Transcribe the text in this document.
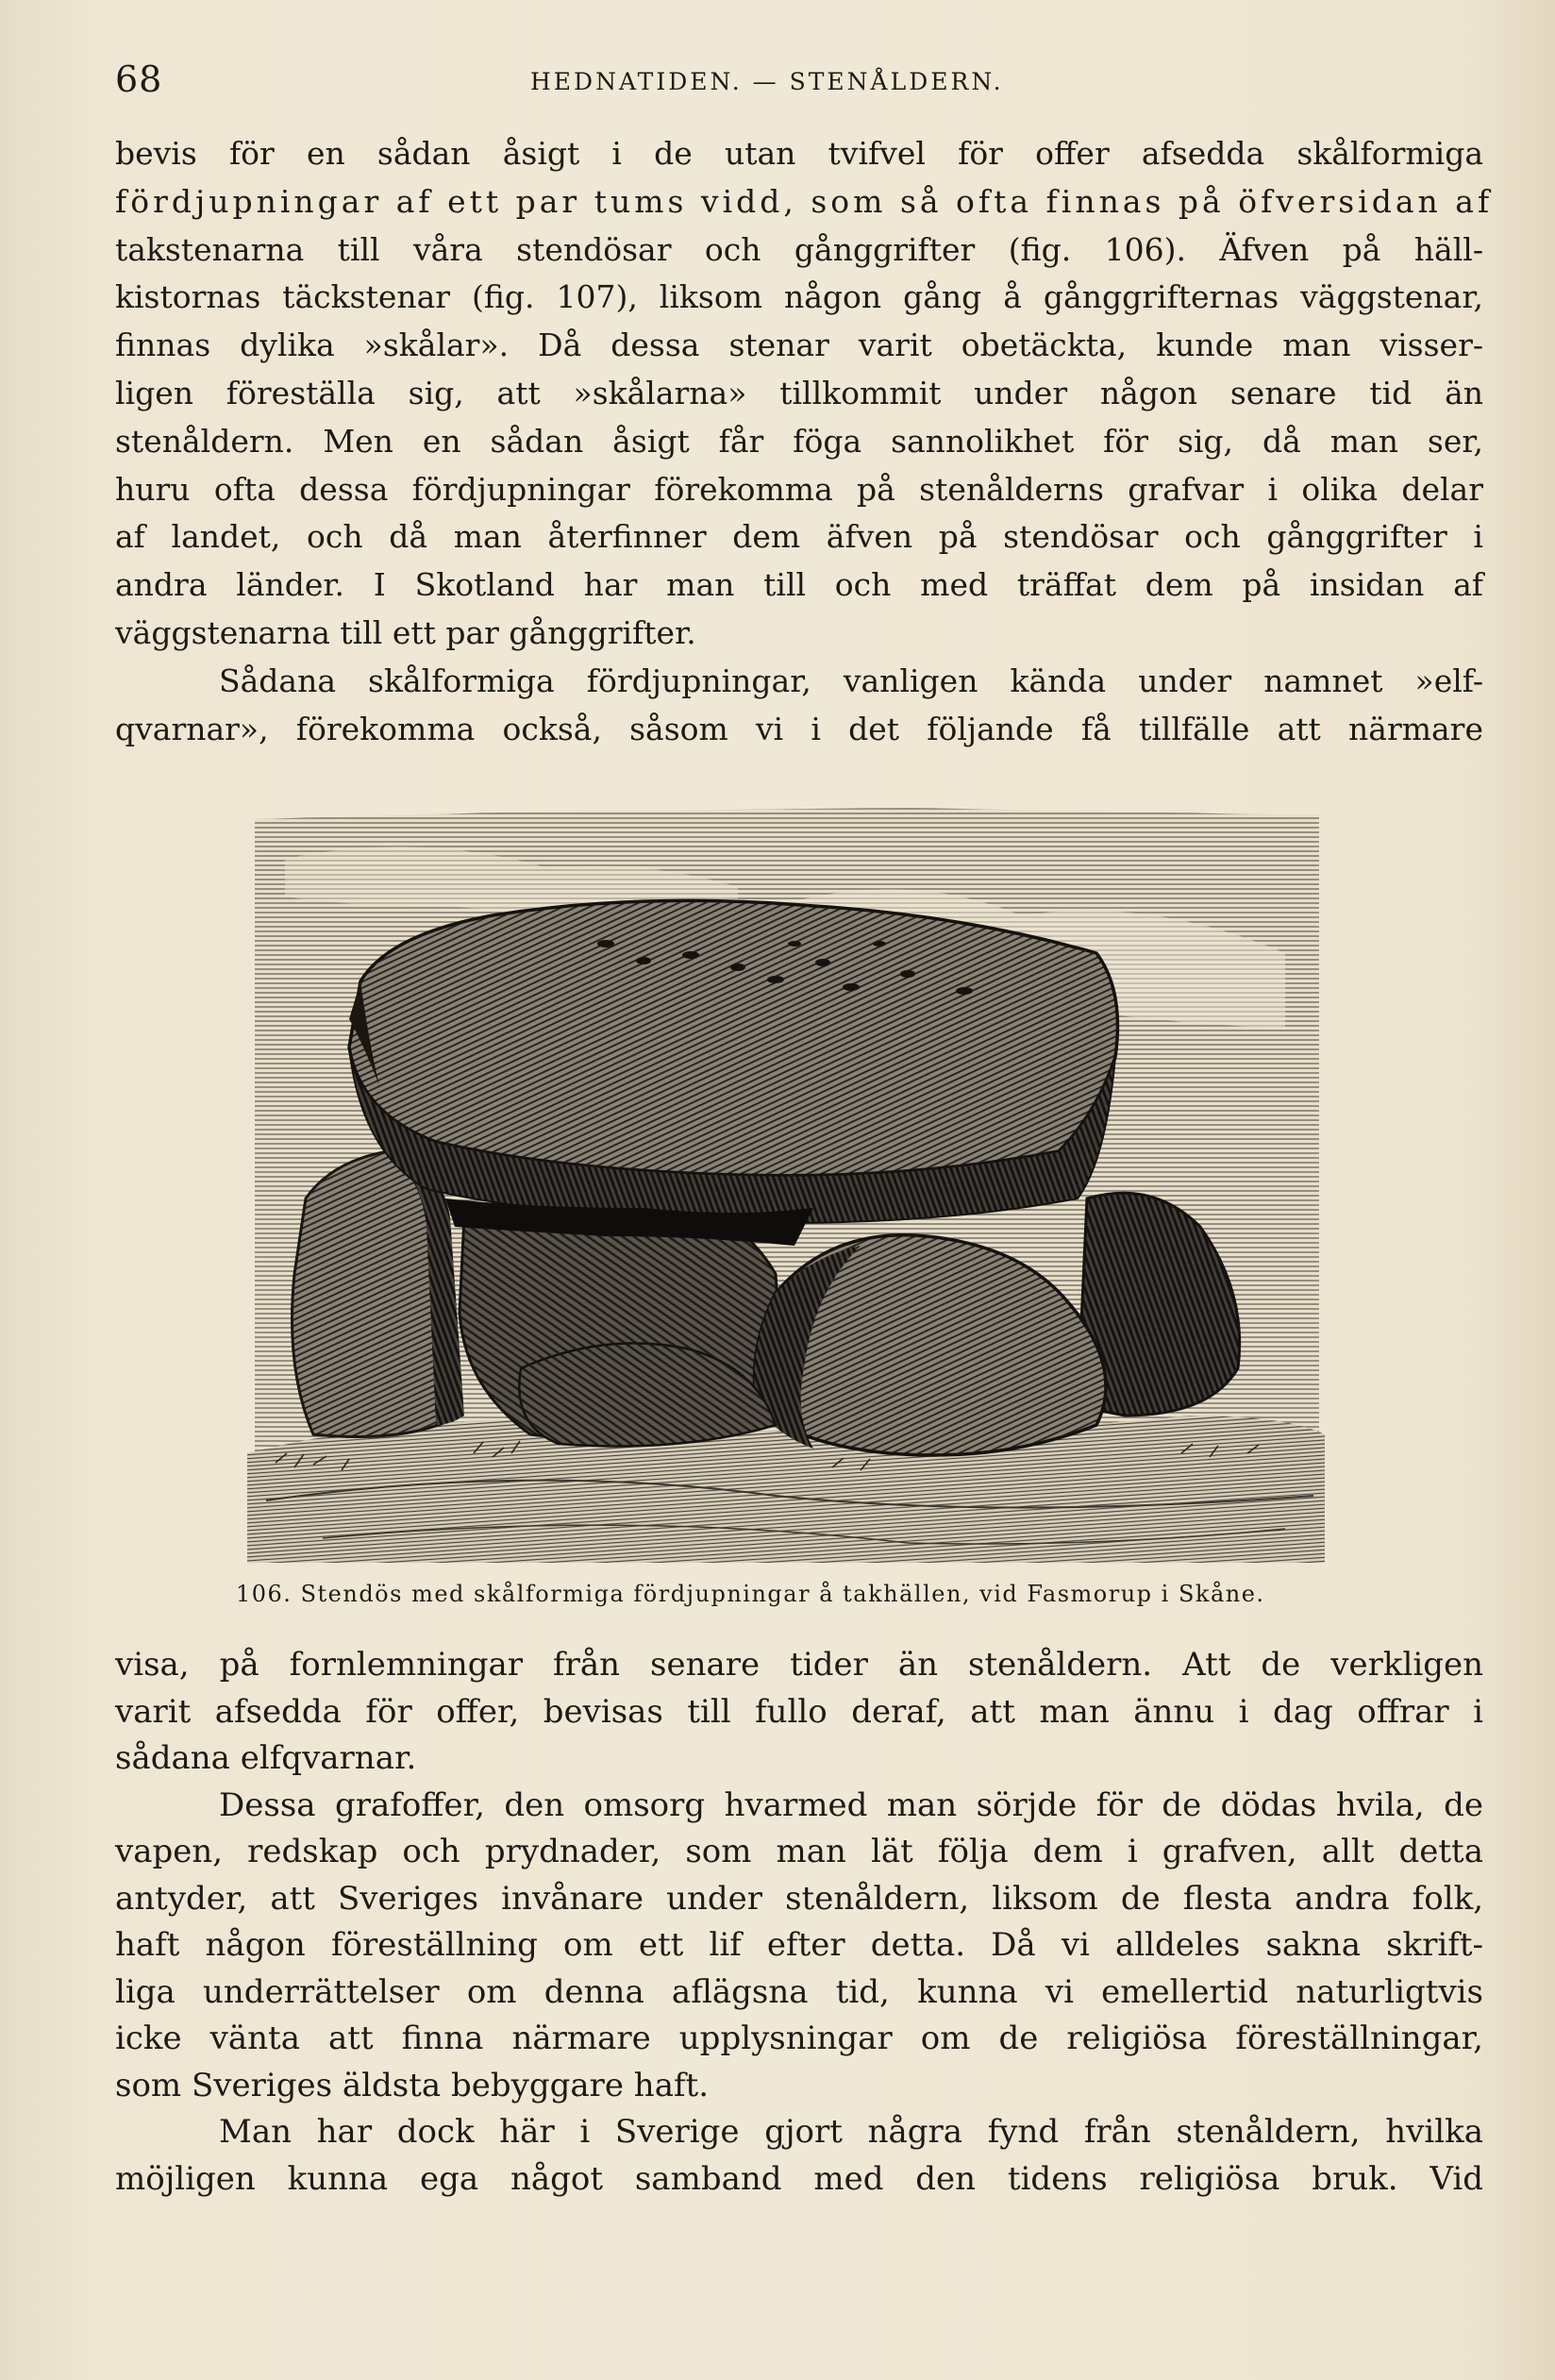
68	HEDNATIDEN. — STENÅLDERN.
bevis för en sådan åsigt i de utan tvifvel för offer afsedda skålformiga
fördjupningar af ett par tums vidd, som så ofta finnas på öfversidan af
takstenarna till våra stendösar och gånggrifter (fig. 106). Äfven på häll-
kistornas täckstenar (fig. 107), liksom någon gång å gånggrifternas väggstenar,
finnas dylika »skålar». Då dessa stenar varit obetäckta, kunde man visser-
ligen föreställa sig, att »skålarna» tillkommit under någon senare tid än
stenåldern. Men en sådan åsigt får föga sannolikhet för sig, då man ser,
huru ofta dessa fördjupningar förekomma på stenålderns grafvar i olika delar
af landet, och då man återfinner dem äfven på stendösar och gånggrifter i
andra länder. I Skotland har man till och med träffat dem på insidan af
väggstenarna till ett par gånggrifter.
Sådana skålformiga fördjupningar, vanligen kända under namnet »elf-
qvarnar», förekomma också, såsom vi i det följande få tillfälle att närmare
106. Stendös med skålformiga fördjupningar å takhällen, vid Fasmorup i Skåne.
visa, på fornlemningar från senare tider än stenåldern. Att de verkligen
varit afsedda för offer, bevisas till fullo deraf, att man ännu i dag offrar i
sådana elfqvarnar.
Dessa grafoffer, den omsorg hvarmed man sörjde för de dödas hvila, de
vapen, redskap och prydnader, som man lät följa dem i grafven, allt detta
antyder, att Sveriges invånare under stenåldern, liksom de flesta andra folk,
haft någon föreställning om ett lif efter detta. Då vi alldeles sakna skrift-
liga underrättelser om denna aflägsna tid, kunna vi emellertid naturligtvis
icke vänta att finna närmare upplysningar om de religiösa föreställningar,
som Sveriges äldsta bebyggare haft.
Man har dock här i Sverige gjort några fynd från stenåldern, hvilka
möjligen kunna ega något samband med den tidens religiösa bruk. Vid
